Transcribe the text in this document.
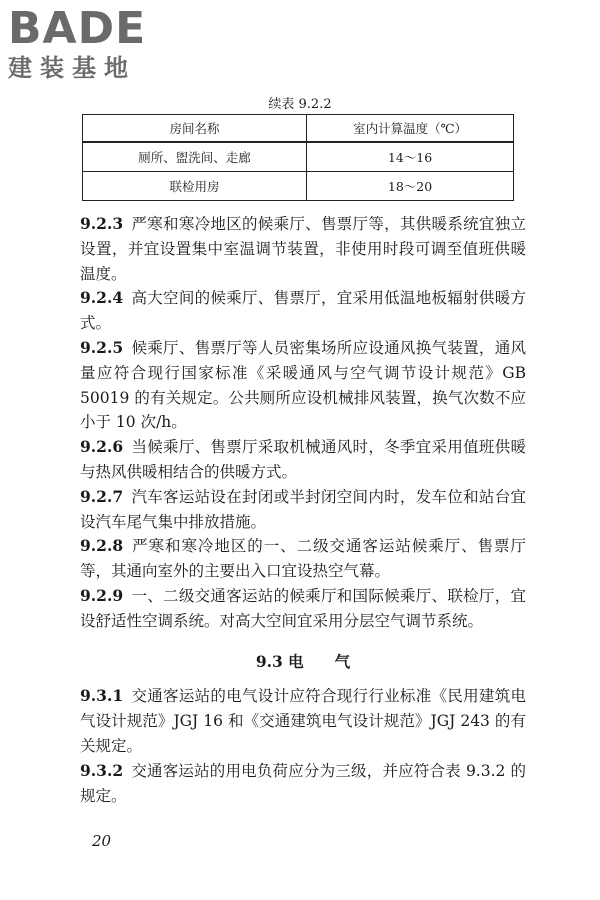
BADE
建装基地
续表 9.2.2
房间名称	室内计算温度（℃）
厕所、盥洗间、走廊	14～16
联检用房	18～20

9.2.3 严寒和寒冷地区的候乘厅、售票厅等，其供暖系统宜独立设置，并宜设置集中室温调节装置，非使用时段可调至值班供暖温度。

9.2.4 高大空间的候乘厅、售票厅，宜采用低温地板辐射供暖方式。

9.2.5 候乘厅、售票厅等人员密集场所应设通风换气装置，通风量应符合现行国家标准《采暖通风与空气调节设计规范》GB 50019 的有关规定。公共厕所应设机械排风装置，换气次数不应小于 10 次/h。

9.2.6 当候乘厅、售票厅采取机械通风时，冬季宜采用值班供暖与热风供暖相结合的供暖方式。

9.2.7 汽车客运站设在封闭或半封闭空间内时，发车位和站台宜设汽车尾气集中排放措施。

9.2.8 严寒和寒冷地区的一、二级交通客运站候乘厅、售票厅等，其通向室外的主要出入口宜设热空气幕。

9.2.9 一、二级交通客运站的候乘厅和国际候乘厅、联检厅，宜设舒适性空调系统。对高大空间宜采用分层空气调节系统。

9.3 电　　气

9.3.1 交通客运站的电气设计应符合现行行业标准《民用建筑电气设计规范》JGJ 16 和《交通建筑电气设计规范》JGJ 243 的有关规定。

9.3.2 交通客运站的用电负荷应分为三级，并应符合表 9.3.2 的规定。

20
